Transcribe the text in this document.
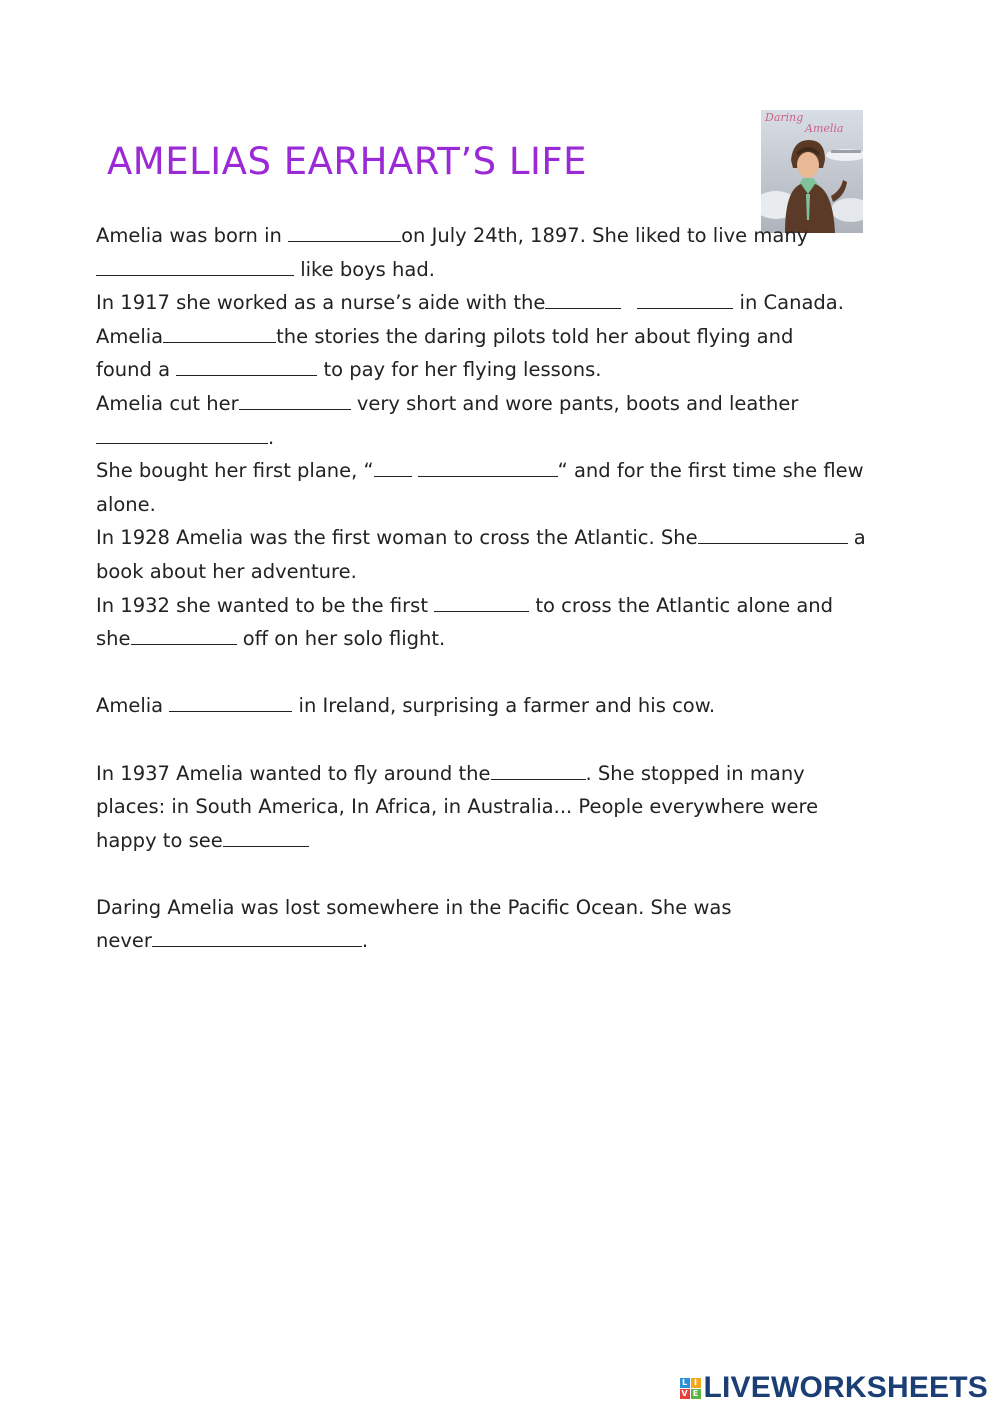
AMELIAS EARHART’S LIFE
Daring
Amelia

Amelia was born in	on July 24th, 1897. She liked to live many

like boys had.

In 1917 she worked as a nurse’s aide with the	in Canada.

Amelia	the stories the daring pilots told her about flying and

found a	to pay for her flying lessons.

Amelia cut her	very short and wore pants, boots and leather

.

She bought her first plane, “	“ and for the first time she flew

alone.

In 1928 Amelia was the first woman to cross the Atlantic. She	a

book about her adventure.

In 1932 she wanted to be the first	to cross the Atlantic alone and

she	off on her solo flight.

Amelia	in Ireland, surprising a farmer and his cow.

In 1937 Amelia wanted to fly around the	. She stopped in many

places: in South America, In Africa, in Australia... People everywhere were

happy to see

Daring Amelia was lost somewhere in the Pacific Ocean. She was

never	.

L I
V E LIVEWORKSHEETS
